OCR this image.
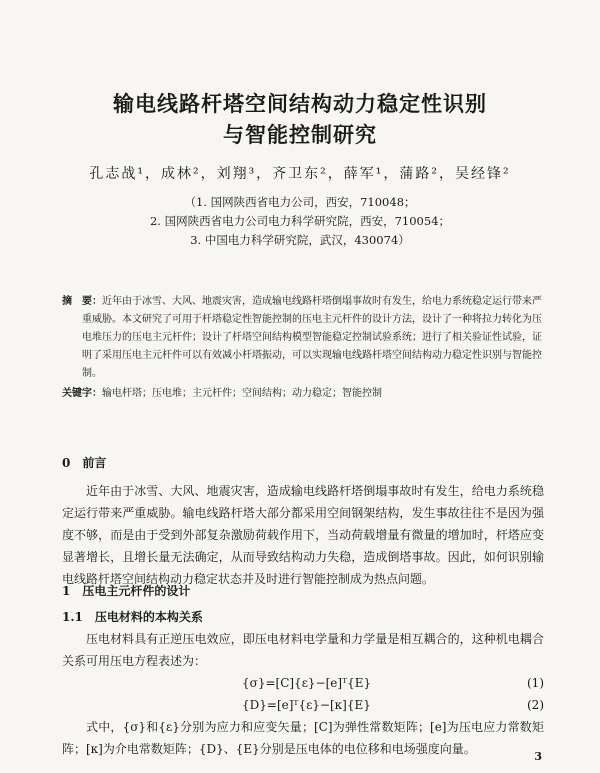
输电线路杆塔空间结构动力稳定性识别
与智能控制研究
孔志战¹，成林²，刘翔³，齐卫东²，薛军¹，蒲路²，吴经锋²
（1. 国网陕西省电力公司，西安，710048；
2. 国网陕西省电力公司电力科学研究院，西安，710054；
3. 中国电力科学研究院，武汉，430074）
摘　要：近年由于冰雪、大风、地震灾害，造成输电线路杆塔倒塌事故时有发生，给电力系统稳定运行带来严重威胁。本文研究了可用于杆塔稳定性智能控制的压电主元杆件的设计方法，设计了一种将拉力转化为压电堆压力的压电主元杆件；设计了杆塔空间结构模型智能稳定控制试验系统；进行了相关验证性试验，证明了采用压电主元杆件可以有效减小杆塔振动，可以实现输电线路杆塔空间结构动力稳定性识别与智能控制。
关键字：输电杆塔；压电堆；主元杆件；空间结构；动力稳定；智能控制
0　前言
近年由于冰雪、大风、地震灾害，造成输电线路杆塔倒塌事故时有发生，给电力系统稳定运行带来严重威胁。输电线路杆塔大部分都采用空间钢架结构，发生事故往往不是因为强度不够，而是由于受到外部复杂激励荷载作用下，当动荷载增量有微量的增加时，杆塔应变显著增长，且增长量无法确定，从而导致结构动力失稳，造成倒塔事故。因此，如何识别输电线路杆塔空间结构动力稳定状态并及时进行智能控制成为热点问题。
1　压电主元杆件的设计
1.1　压电材料的本构关系
压电材料具有正逆压电效应，即压电材料电学量和力学量是相互耦合的，这种机电耦合关系可用压电方程表述为：
{σ}=[C]{ε}−[e]ᵀ{E}	(1)
{D}=[e]ᵀ{ε}−[κ]{E}	(2)
式中，{σ}和{ε}分别为应力和应变矢量；[C]为弹性常数矩阵；[e]为压电应力常数矩阵；[κ]为介电常数矩阵；{D}、{E}分别是压电体的电位移和电场强度向量。
3
